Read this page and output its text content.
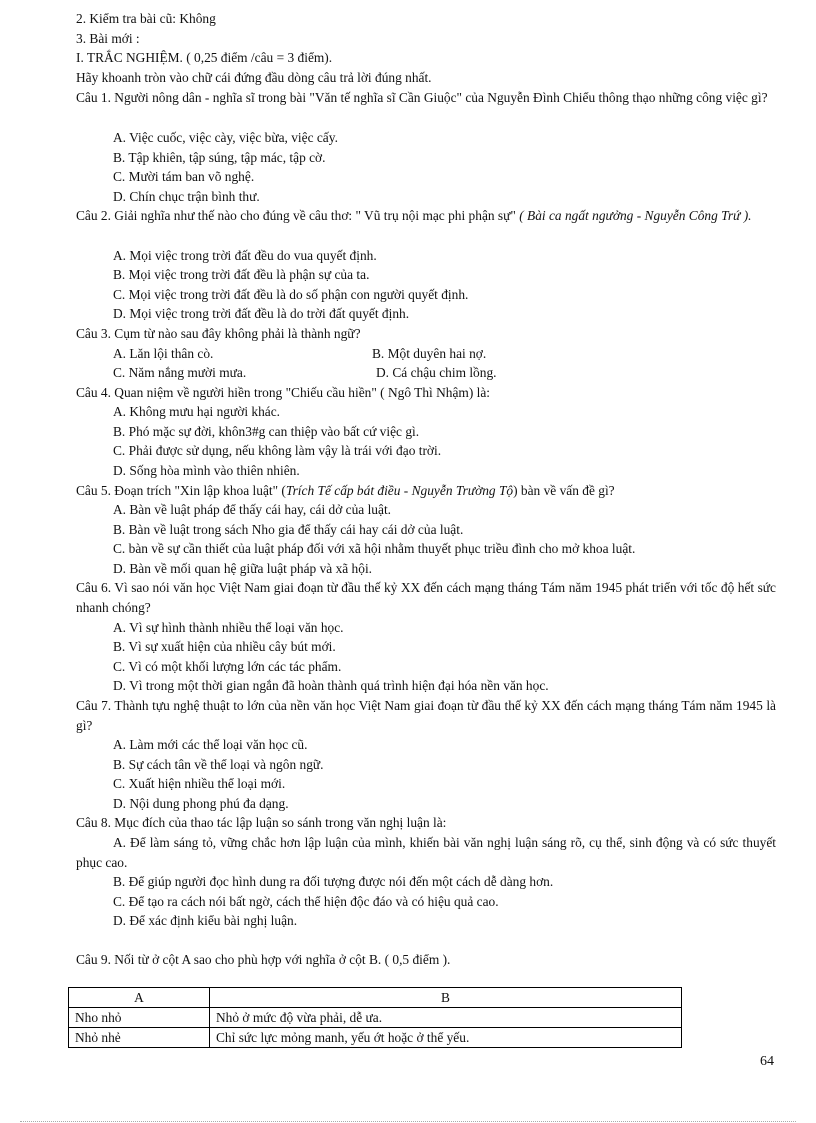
2. Kiểm tra bài cũ: Không
3. Bài mới :
I. TRẮC NGHIỆM. ( 0,25 điểm /câu = 3 điểm).
Hãy khoanh tròn vào chữ cái đứng đầu dòng câu trả lời đúng nhất.
Câu 1. Người nông dân - nghĩa sĩ trong bài "Văn tế nghĩa sĩ Cần Giuộc" của Nguyễn Đình Chiểu thông thạo những công việc gì?
A. Việc cuốc, việc cày, việc bừa, việc cấy.
B. Tập khiên, tập súng, tập mác, tập cờ.
C. Mười tám ban võ nghệ.
D. Chín chục trận bình thư.
Câu 2. Giải nghĩa như thế nào cho đúng về câu thơ: " Vũ trụ nội mạc phi phận sự" ( Bài ca ngất ngưởng - Nguyễn Công Trứ ).
A. Mọi việc trong trời đất đều do vua quyết định.
B. Mọi việc trong trời đất đều là phận sự của ta.
C. Mọi việc trong trời đất đều là do số phận con người quyết định.
D. Mọi việc trong trời đất đều là do trời đất quyết định.
Câu 3. Cụm từ nào sau đây không phải là thành ngữ?
A. Lăn lội thân cò.	B. Một duyên hai nợ.
C. Năm nắng mười mưa.	D. Cá chậu chim lồng.
Câu 4. Quan niệm về người hiền trong "Chiếu cầu hiền" ( Ngô Thì Nhậm) là:
A. Không mưu hại người khác.
B. Phó mặc sự đời, khôn3#g can thiệp vào bất cứ việc gì.
C. Phải được sử dụng, nếu không làm vậy là trái với đạo trời.
D. Sống hòa mình vào thiên nhiên.
Câu 5. Đoạn trích "Xin lập khoa luật" (Trích Tế cấp bát điều - Nguyễn Trường Tộ) bàn về vấn đề gì?
A. Bàn về luật pháp để thấy cái hay, cái dở của luật.
B. Bàn về luật trong sách Nho gia để thấy cái hay cái dở của luật.
C. bàn về sự cần thiết của luật pháp đối với xã hội nhằm thuyết phục triều đình cho mở khoa luật.
D. Bàn về mối quan hệ giữa luật pháp và xã hội.
Câu 6. Vì sao nói văn học Việt Nam giai đoạn từ đầu thế kỷ XX đến cách mạng tháng Tám năm 1945 phát triển với tốc độ hết sức nhanh chóng?
A. Vì sự hình thành nhiều thể loại văn học.
B. Vì sự xuất hiện của nhiều cây bút mới.
C. Vì có một khối lượng lớn các tác phẩm.
D. Vì trong một thời gian ngắn đã hoàn thành quá trình hiện đại hóa nền văn học.
Câu 7. Thành tựu nghệ thuật to lớn của nền văn học Việt Nam giai đoạn từ đầu thế kỷ XX đến cách mạng tháng Tám năm 1945 là gì?
A. Làm mới các thể loại văn học cũ.
B. Sự cách tân về thể loại và ngôn ngữ.
C. Xuất hiện nhiều thể loại mới.
D. Nội dung phong phú đa dạng.
Câu 8. Mục đích của thao tác lập luận so sánh trong văn nghị luận là:
A. Để làm sáng tỏ, vững chắc hơn lập luận của mình, khiến bài văn nghị luận sáng rõ, cụ thể, sinh động và có sức thuyết phục cao.
B. Để giúp người đọc hình dung ra đối tượng được nói đến một cách dễ dàng hơn.
C. Để tạo ra cách nói bất ngờ, cách thể hiện độc đáo và có hiệu quả cao.
D. Để xác định kiểu bài nghị luận.
Câu 9. Nối từ ở cột A sao cho phù hợp với nghĩa ở cột B. ( 0,5 điểm ).
A	B
Nho nhỏ	Nhỏ ở mức độ vừa phải, dễ ưa.
Nhỏ nhẻ	Chỉ sức lực mỏng manh, yếu ớt hoặc ở thể yếu.
64
